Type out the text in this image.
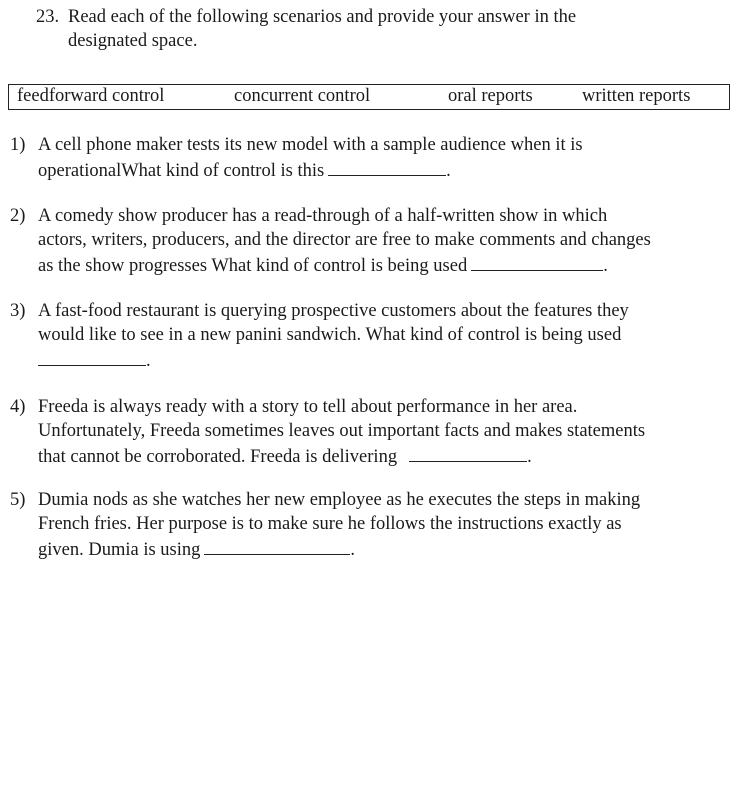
23. Read each of the following scenarios and provide your answer in the
designated space.
feedforward control	concurrent control	oral reports	written reports
1) A cell phone maker tests its new model with a sample audience when it is
operationalWhat kind of control is this	.
2) A comedy show producer has a read-through of a half-written show in which
actors, writers, producers, and the director are free to make comments and changes
as the show progresses What kind of control is being used	.
3) A fast-food restaurant is querying prospective customers about the features they
would like to see in a new panini sandwich. What kind of control is being used
.
4) Freeda is always ready with a story to tell about performance in her area.
Unfortunately, Freeda sometimes leaves out important facts and makes statements
that cannot be corroborated. Freeda is delivering	.
5) Dumia nods as she watches her new employee as he executes the steps in making
French fries. Her purpose is to make sure he follows the instructions exactly as
given. Dumia is using	.
